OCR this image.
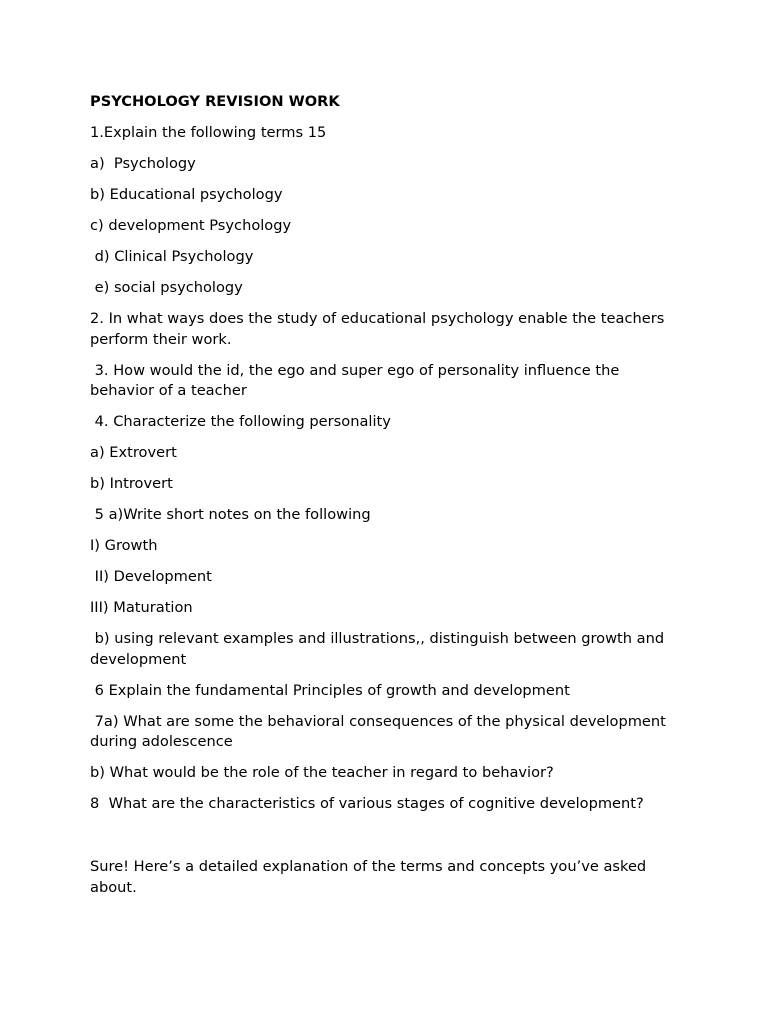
PSYCHOLOGY REVISION WORK

1.Explain the following terms 15

a)  Psychology

b) Educational psychology

c) development Psychology

d) Clinical Psychology

e) social psychology

2. In what ways does the study of educational psychology enable the teachers perform their work.

3. How would the id, the ego and super ego of personality influence the behavior of a teacher

4. Characterize the following personality

a) Extrovert

b) Introvert

5 a)Write short notes on the following

I) Growth

II) Development

III) Maturation

b) using relevant examples and illustrations,, distinguish between growth and development

6 Explain the fundamental Principles of growth and development

7a) What are some the behavioral consequences of the physical development during adolescence

b) What would be the role of the teacher in regard to behavior?

8  What are the characteristics of various stages of cognitive development?

Sure! Here’s a detailed explanation of the terms and concepts you’ve asked about.
